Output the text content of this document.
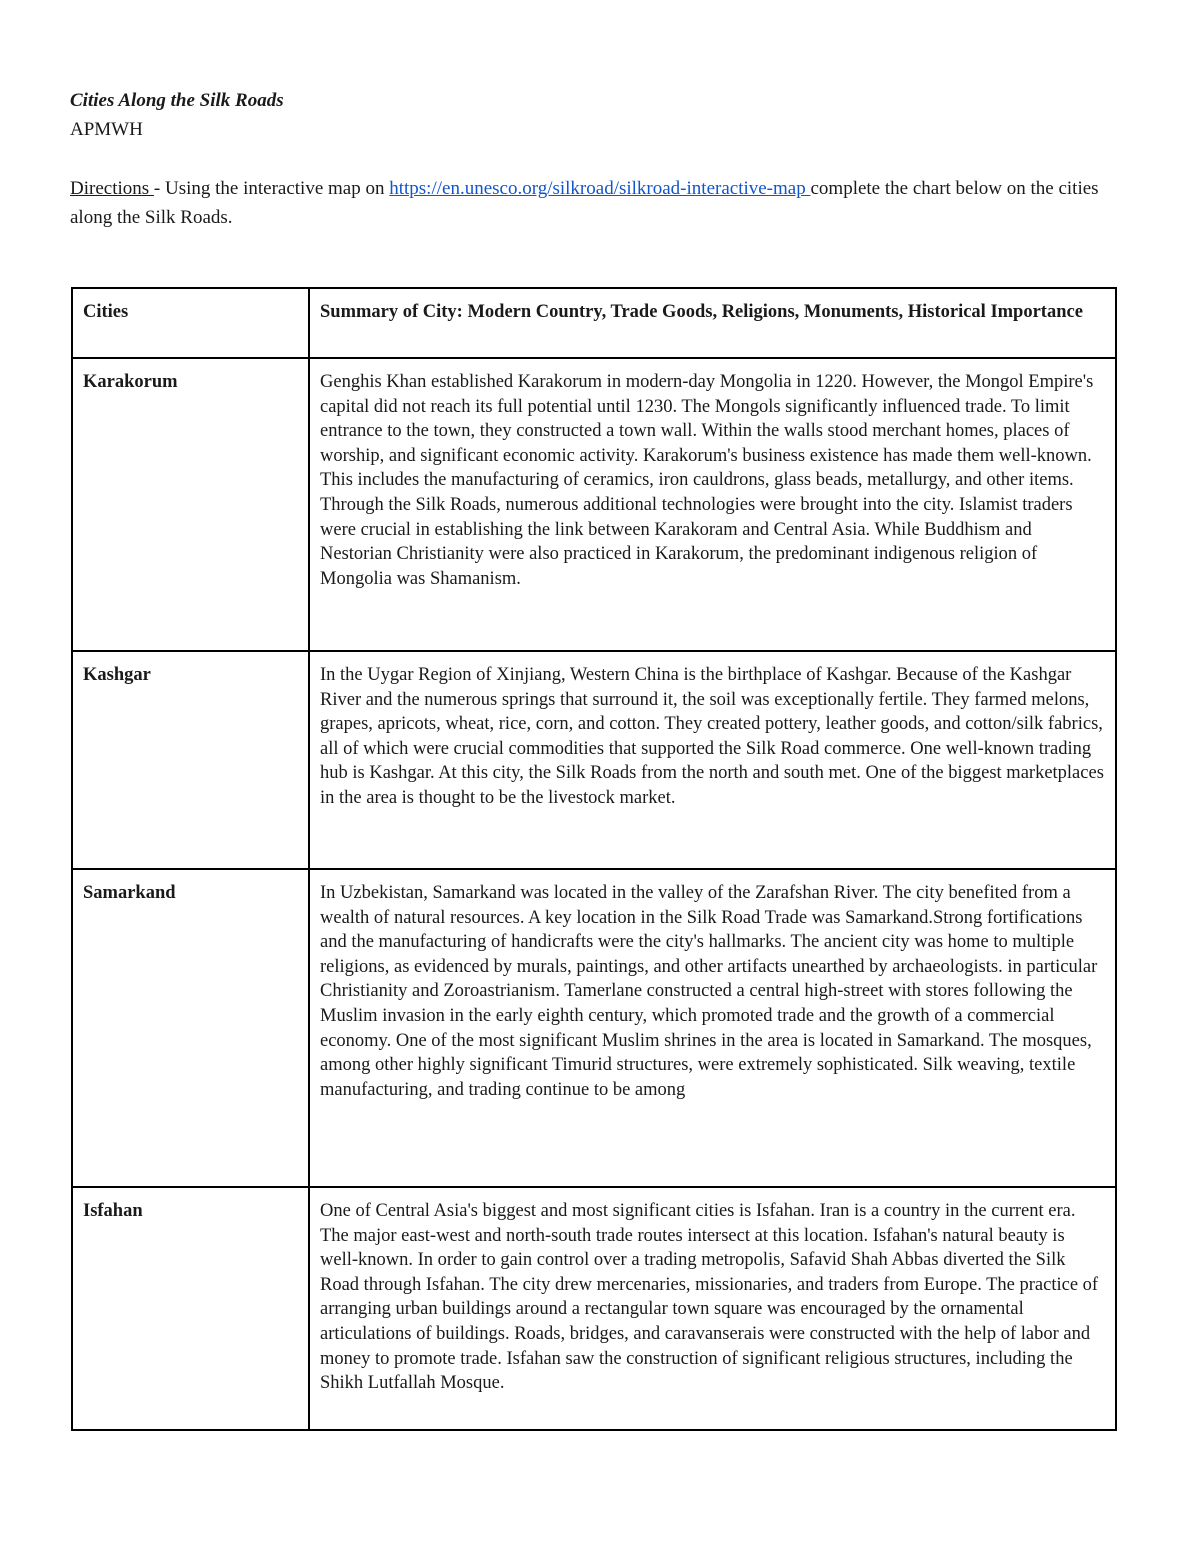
Cities Along the Silk Roads
APMWH
Directions - Using the interactive map on https://en.unesco.org/silkroad/silkroad-interactive-map complete the chart below on the cities along the Silk Roads.
Cities	Summary of City: Modern Country, Trade Goods, Religions, Monuments, Historical Importance
Karakorum	Genghis Khan established Karakorum in modern-day Mongolia in 1220. However, the Mongol Empire's capital did not reach its full potential until 1230. The Mongols significantly influenced trade. To limit entrance to the town, they constructed a town wall. Within the walls stood merchant homes, places of worship, and significant economic activity. Karakorum's business existence has made them well-known. This includes the manufacturing of ceramics, iron cauldrons, glass beads, metallurgy, and other items. Through the Silk Roads, numerous additional technologies were brought into the city. Islamist traders were crucial in establishing the link between Karakoram and Central Asia. While Buddhism and Nestorian Christianity were also practiced in Karakorum, the predominant indigenous religion of Mongolia was Shamanism.
Kashgar	In the Uygar Region of Xinjiang, Western China is the birthplace of Kashgar. Because of the Kashgar River and the numerous springs that surround it, the soil was exceptionally fertile. They farmed melons, grapes, apricots, wheat, rice, corn, and cotton. They created pottery, leather goods, and cotton/silk fabrics, all of which were crucial commodities that supported the Silk Road commerce. One well-known trading hub is Kashgar. At this city, the Silk Roads from the north and south met. One of the biggest marketplaces in the area is thought to be the livestock market.
Samarkand	In Uzbekistan, Samarkand was located in the valley of the Zarafshan River. The city benefited from a wealth of natural resources. A key location in the Silk Road Trade was Samarkand.Strong fortifications and the manufacturing of handicrafts were the city's hallmarks. The ancient city was home to multiple religions, as evidenced by murals, paintings, and other artifacts unearthed by archaeologists. in particular Christianity and Zoroastrianism. Tamerlane constructed a central high-street with stores following the Muslim invasion in the early eighth century, which promoted trade and the growth of a commercial economy. One of the most significant Muslim shrines in the area is located in Samarkand. The mosques, among other highly significant Timurid structures, were extremely sophisticated. Silk weaving, textile manufacturing, and trading continue to be among
Isfahan	One of Central Asia's biggest and most significant cities is Isfahan. Iran is a country in the current era. The major east-west and north-south trade routes intersect at this location. Isfahan's natural beauty is well-known. In order to gain control over a trading metropolis, Safavid Shah Abbas diverted the Silk Road through Isfahan. The city drew mercenaries, missionaries, and traders from Europe. The practice of arranging urban buildings around a rectangular town square was encouraged by the ornamental articulations of buildings. Roads, bridges, and caravanserais were constructed with the help of labor and money to promote trade. Isfahan saw the construction of significant religious structures, including the Shikh Lutfallah Mosque.
